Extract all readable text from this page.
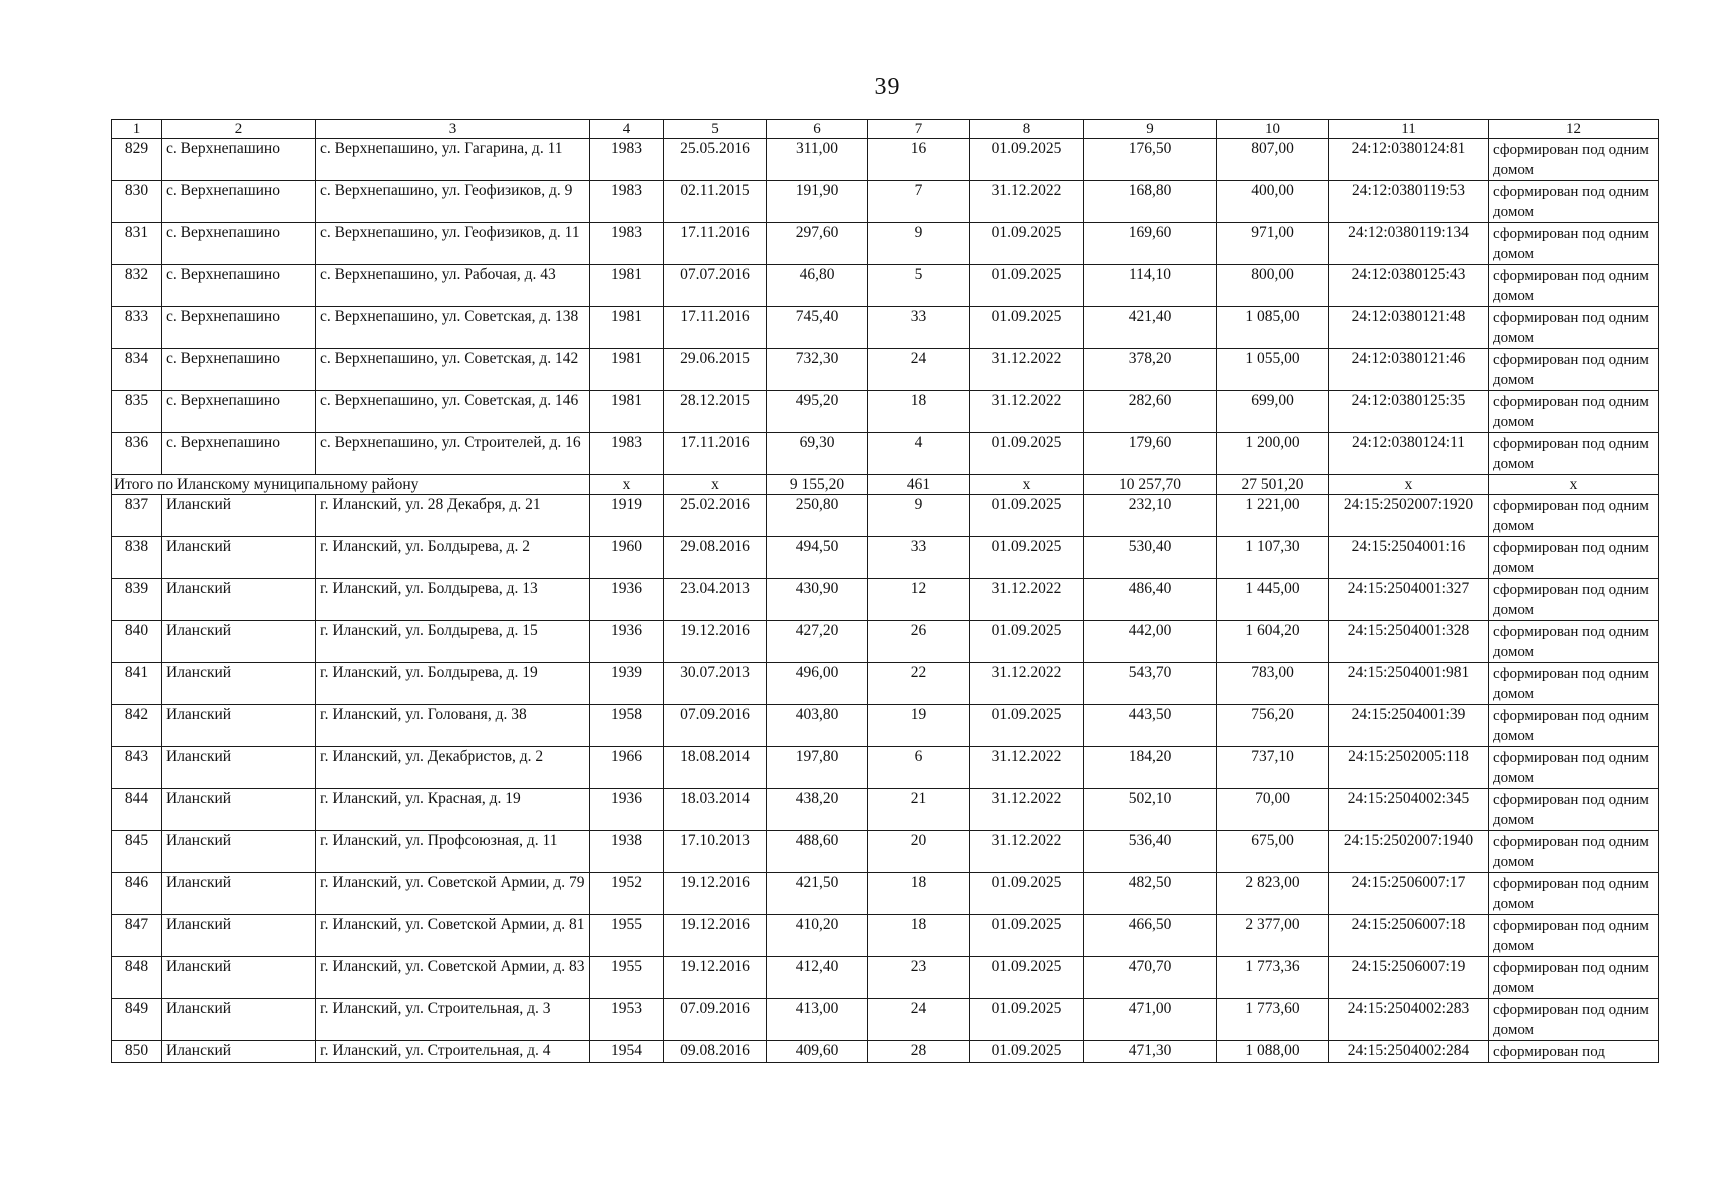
39
1	2	3	4	5	6	7	8	9	10	11	12
829	с. Верхнепашино	с. Верхнепашино, ул. Гагарина, д. 11	1983	25.05.2016	311,00	16	01.09.2025	176,50	807,00	24:12:0380124:81	сформирован под одним домом
830	с. Верхнепашино	с. Верхнепашино, ул. Геофизиков, д. 9	1983	02.11.2015	191,90	7	31.12.2022	168,80	400,00	24:12:0380119:53	сформирован под одним домом
831	с. Верхнепашино	с. Верхнепашино, ул. Геофизиков, д. 11	1983	17.11.2016	297,60	9	01.09.2025	169,60	971,00	24:12:0380119:134	сформирован под одним домом
832	с. Верхнепашино	с. Верхнепашино, ул. Рабочая, д. 43	1981	07.07.2016	46,80	5	01.09.2025	114,10	800,00	24:12:0380125:43	сформирован под одним домом
833	с. Верхнепашино	с. Верхнепашино, ул. Советская, д. 138	1981	17.11.2016	745,40	33	01.09.2025	421,40	1 085,00	24:12:0380121:48	сформирован под одним домом
834	с. Верхнепашино	с. Верхнепашино, ул. Советская, д. 142	1981	29.06.2015	732,30	24	31.12.2022	378,20	1 055,00	24:12:0380121:46	сформирован под одним домом
835	с. Верхнепашино	с. Верхнепашино, ул. Советская, д. 146	1981	28.12.2015	495,20	18	31.12.2022	282,60	699,00	24:12:0380125:35	сформирован под одним домом
836	с. Верхнепашино	с. Верхнепашино, ул. Строителей, д. 16	1983	17.11.2016	69,30	4	01.09.2025	179,60	1 200,00	24:12:0380124:11	сформирован под одним домом
Итого по Иланскому муниципальному району			x	x	9 155,20	461	x	10 257,70	27 501,20	x	x
837	Иланский	г. Иланский, ул. 28 Декабря, д. 21	1919	25.02.2016	250,80	9	01.09.2025	232,10	1 221,00	24:15:2502007:1920	сформирован под одним домом
838	Иланский	г. Иланский, ул. Болдырева, д. 2	1960	29.08.2016	494,50	33	01.09.2025	530,40	1 107,30	24:15:2504001:16	сформирован под одним домом
839	Иланский	г. Иланский, ул. Болдырева, д. 13	1936	23.04.2013	430,90	12	31.12.2022	486,40	1 445,00	24:15:2504001:327	сформирован под одним домом
840	Иланский	г. Иланский, ул. Болдырева, д. 15	1936	19.12.2016	427,20	26	01.09.2025	442,00	1 604,20	24:15:2504001:328	сформирован под одним домом
841	Иланский	г. Иланский, ул. Болдырева, д. 19	1939	30.07.2013	496,00	22	31.12.2022	543,70	783,00	24:15:2504001:981	сформирован под одним домом
842	Иланский	г. Иланский, ул. Голованя, д. 38	1958	07.09.2016	403,80	19	01.09.2025	443,50	756,20	24:15:2504001:39	сформирован под одним домом
843	Иланский	г. Иланский, ул. Декабристов, д. 2	1966	18.08.2014	197,80	6	31.12.2022	184,20	737,10	24:15:2502005:118	сформирован под одним домом
844	Иланский	г. Иланский, ул. Красная, д. 19	1936	18.03.2014	438,20	21	31.12.2022	502,10	70,00	24:15:2504002:345	сформирован под одним домом
845	Иланский	г. Иланский, ул. Профсоюзная, д. 11	1938	17.10.2013	488,60	20	31.12.2022	536,40	675,00	24:15:2502007:1940	сформирован под одним домом
846	Иланский	г. Иланский, ул. Советской Армии, д. 79	1952	19.12.2016	421,50	18	01.09.2025	482,50	2 823,00	24:15:2506007:17	сформирован под одним домом
847	Иланский	г. Иланский, ул. Советской Армии, д. 81	1955	19.12.2016	410,20	18	01.09.2025	466,50	2 377,00	24:15:2506007:18	сформирован под одним домом
848	Иланский	г. Иланский, ул. Советской Армии, д. 83	1955	19.12.2016	412,40	23	01.09.2025	470,70	1 773,36	24:15:2506007:19	сформирован под одним домом
849	Иланский	г. Иланский, ул. Строительная, д. 3	1953	07.09.2016	413,00	24	01.09.2025	471,00	1 773,60	24:15:2504002:283	сформирован под одним домом
850	Иланский	г. Иланский, ул. Строительная, д. 4	1954	09.08.2016	409,60	28	01.09.2025	471,30	1 088,00	24:15:2504002:284	сформирован под
